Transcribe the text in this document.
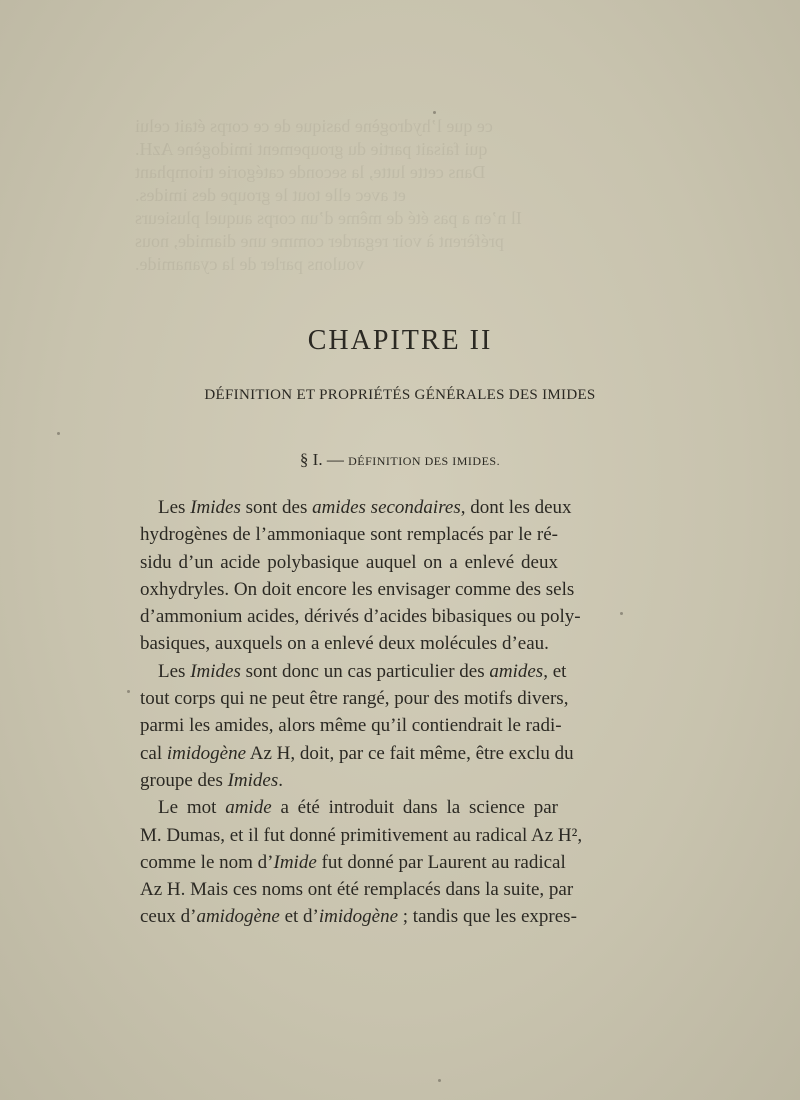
ce que l’hydrogène basique de ce corps était celui
qui faisait partie du groupement imidogène AzH.
Dans cette lutte, la seconde catégorie triomphant
et avec elle tout le groupe des imides.
Il n’en a pas été de même d’un corps auquel plusieurs
préfèrent à voir regarder comme une diamide, nous
voulons parler de la cyanamide.
CHAPITRE II
DÉFINITION ET PROPRIÉTÉS GÉNÉRALES DES IMIDES
§ I. — DÉFINITION DES IMIDES.
Les Imides sont des amides secondaires, dont les deux
hydrogènes de l’ammoniaque sont remplacés par le ré-
sidu d’un acide polybasique auquel on a enlevé deux
oxhydryles. On doit encore les envisager comme des sels
d’ammonium acides, dérivés d’acides bibasiques ou poly-
basiques, auxquels on a enlevé deux molécules d’eau.
Les Imides sont donc un cas particulier des amides, et
tout corps qui ne peut être rangé, pour des motifs divers,
parmi les amides, alors même qu’il contiendrait le radi-
cal imidogène Az H, doit, par ce fait même, être exclu du
groupe des Imides.
Le mot amide a été introduit dans la science par
M. Dumas, et il fut donné primitivement au radical Az H²,
comme le nom d’Imide fut donné par Laurent au radical
Az H. Mais ces noms ont été remplacés dans la suite, par
ceux d’amidogène et d’imidogène ; tandis que les expres-
